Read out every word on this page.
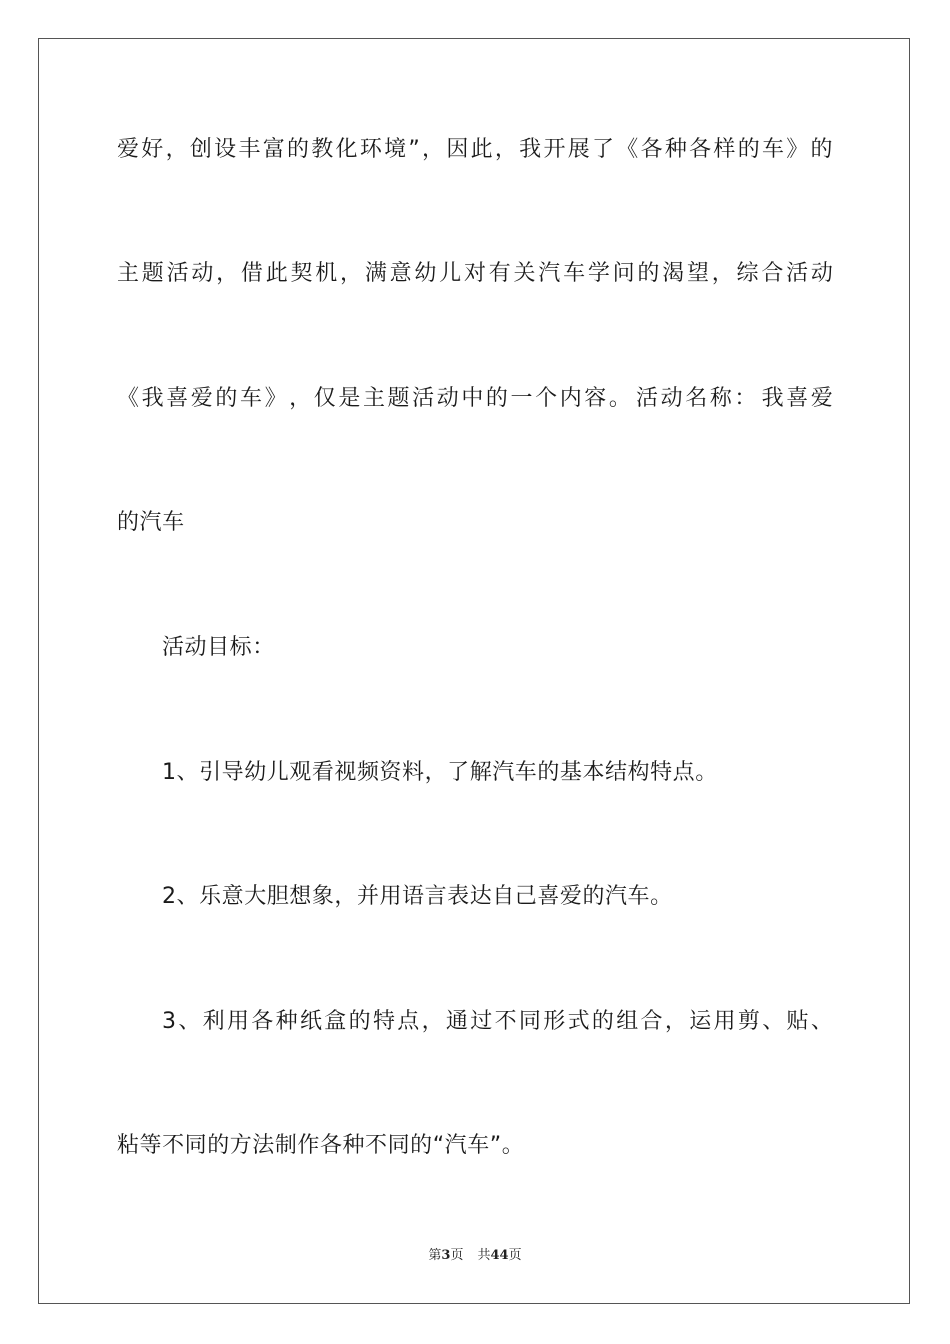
爱 好 ， 创 设 丰 富 的 教 化 环 境 ” ， 因 此 ， 我 开 展 了 《 各 种 各 样 的 车 》 的
主 题 活 动 ， 借 此 契 机 ， 满 意 幼 儿 对 有 关 汽 车 学 问 的 渴 望 ， 综 合 活 动
《 我 喜 爱 的 车 》 ， 仅 是 主 题 活 动 中 的 一 个 内 容 。 活 动 名 称 ： 我 喜 爱
的汽车
活动目标：
1、引导幼儿观看视频资料，了解汽车的基本结构特点。
2、乐意大胆想象，并用语言表达自己喜爱的汽车。
3 、 利 用 各 种 纸 盒 的 特 点 ， 通 过 不 同 形 式 的 组 合 ， 运 用 剪 、 贴 、
粘等不同的方法制作各种不同的“汽车”。
第3页 共44页
